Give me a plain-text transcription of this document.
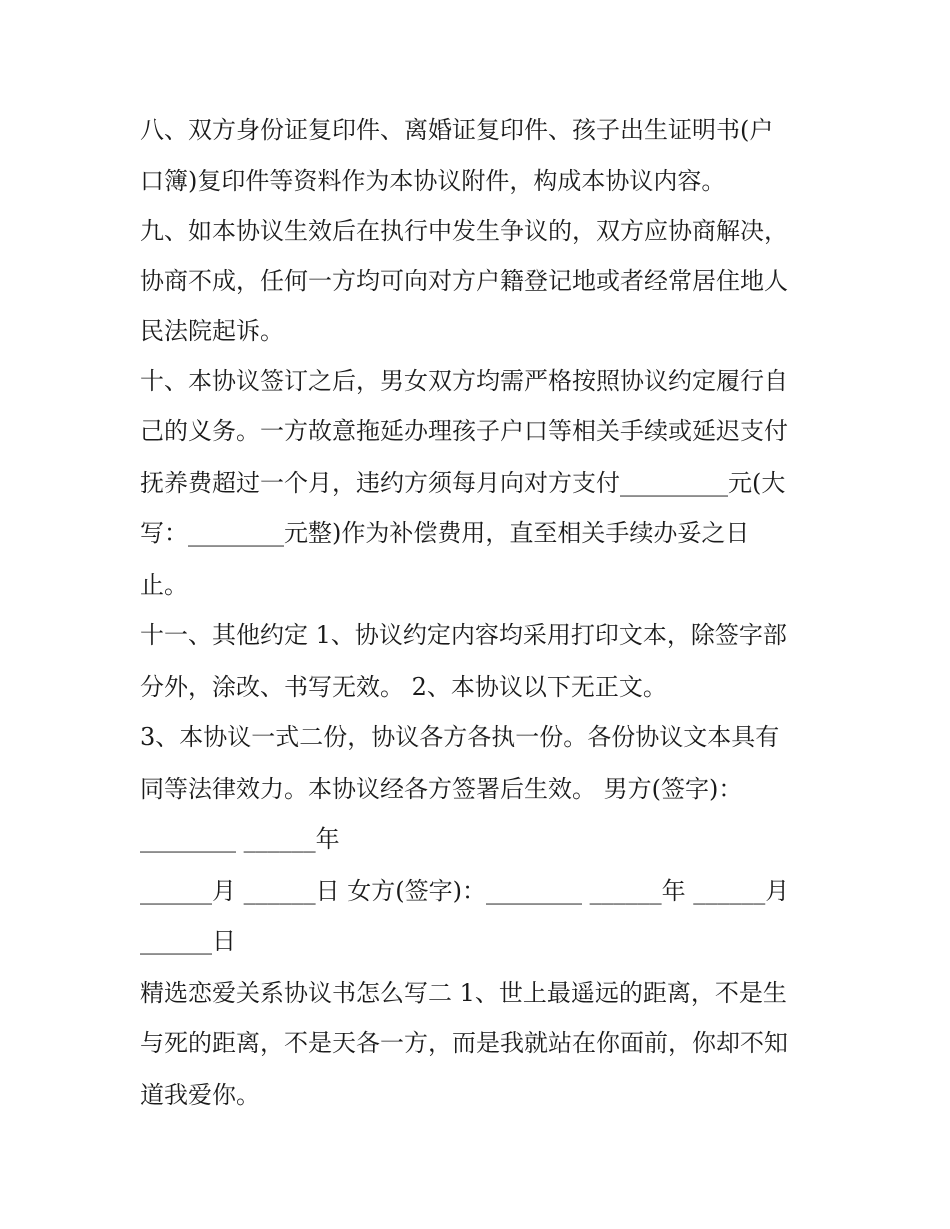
八、双方身份证复印件、离婚证复印件、孩子出生证明书(户
口簿)复印件等资料作为本协议附件，构成本协议内容。
九、如本协议生效后在执行中发生争议的，双方应协商解决，
协商不成，任何一方均可向对方户籍登记地或者经常居住地人
民法院起诉。
十、本协议签订之后，男女双方均需严格按照协议约定履行自
己的义务。一方故意拖延办理孩子户口等相关手续或延迟支付
抚养费超过一个月，违约方须每月向对方支付_________元(大
写：________元整)作为补偿费用，直至相关手续办妥之日
止。
十一、其他约定 1、协议约定内容均采用打印文本，除签字部
分外，涂改、书写无效。 2、本协议以下无正文。
3、本协议一式二份，协议各方各执一份。各份协议文本具有
同等法律效力。本协议经各方签署后生效。 男方(签字)：
________ ______年
______月 ______日 女方(签字)：________ ______年 ______月
______日
精选恋爱关系协议书怎么写二 1、世上最遥远的距离，不是生
与死的距离，不是天各一方，而是我就站在你面前，你却不知
道我爱你。
